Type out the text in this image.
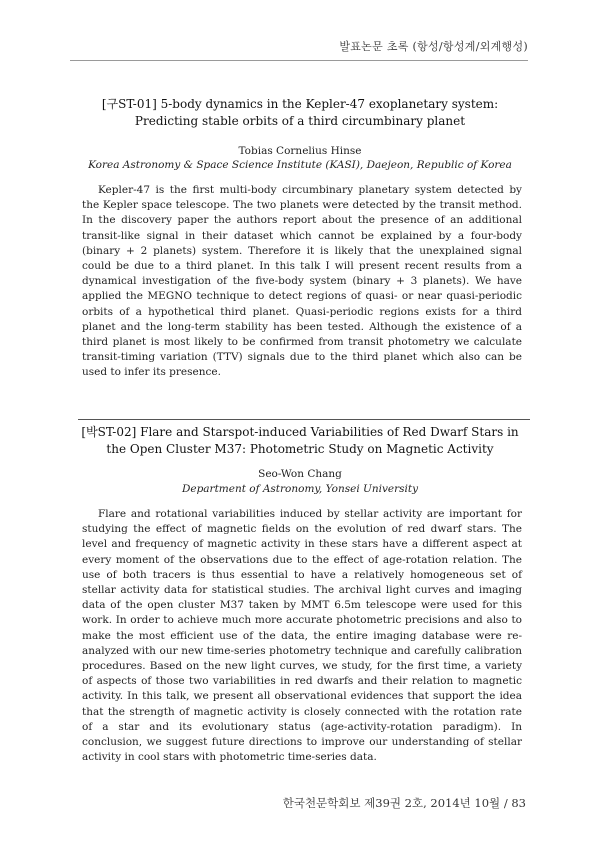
발표논문 초록 (항성/항성계/외계행성)
[구ST-01] 5-body dynamics in the Kepler-47 exoplanetary system:
Predicting stable orbits of a third circumbinary planet
Tobias Cornelius Hinse
Korea Astronomy & Space Science Institute (KASI), Daejeon, Republic of Korea
Kepler-47 is the first multi-body circumbinary planetary system detected by the Kepler space telescope. The two planets were detected by the transit method. In the discovery paper the authors report about the presence of an additional transit-like signal in their dataset which cannot be explained by a four-body (binary + 2 planets) system. Therefore it is likely that the unexplained signal could be due to a third planet. In this talk I will present recent results from a dynamical investigation of the five-body system (binary + 3 planets). We have applied the MEGNO technique to detect regions of quasi- or near quasi-periodic orbits of a hypothetical third planet. Quasi-periodic regions exists for a third planet and the long-term stability has been tested. Although the existence of a third planet is most likely to be confirmed from transit photometry we calculate transit-timing variation (TTV) signals due to the third planet which also can be used to infer its presence.
[박ST-02] Flare and Starspot-induced Variabilities of Red Dwarf Stars in
the Open Cluster M37: Photometric Study on Magnetic Activity
Seo-Won Chang
Department of Astronomy, Yonsei University
Flare and rotational variabilities induced by stellar activity are important for studying the effect of magnetic fields on the evolution of red dwarf stars. The level and frequency of magnetic activity in these stars have a different aspect at every moment of the observations due to the effect of age-rotation relation. The use of both tracers is thus essential to have a relatively homogeneous set of stellar activity data for statistical studies. The archival light curves and imaging data of the open cluster M37 taken by MMT 6.5m telescope were used for this work. In order to achieve much more accurate photometric precisions and also to make the most efficient use of the data, the entire imaging database were re-analyzed with our new time-series photometry technique and carefully calibration procedures. Based on the new light curves, we study, for the first time, a variety of aspects of those two variabilities in red dwarfs and their relation to magnetic activity. In this talk, we present all observational evidences that support the idea that the strength of magnetic activity is closely connected with the rotation rate of a star and its evolutionary status (age-activity-rotation paradigm). In conclusion, we suggest future directions to improve our understanding of stellar activity in cool stars with photometric time-series data.
한국천문학회보 제39권 2호, 2014년 10월 / 83
